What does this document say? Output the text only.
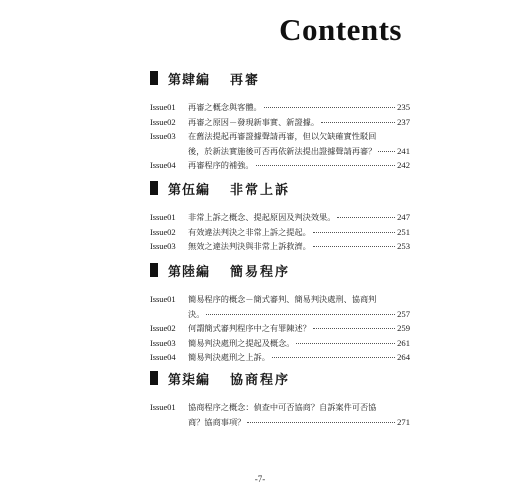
Contents
第肆編 再審
Issue01	再審之概念與客體。	235
Issue02	再審之原因－發現新事實、新證據。	237
Issue03	在舊法提起再審證據聲請再審，但以欠缺確實性駁回
後，於新法實施後可否再依新法提出證據聲請再審？ 241
Issue04	再審程序的補強。	242
第伍編 非常上訴
Issue01	非常上訴之概念、提起原因及判決效果。	247
Issue02	有效違法判決之非常上訴之提起。	251
Issue03	無效之違法判決與非常上訴救濟。	253
第陸編 簡易程序
Issue01	簡易程序的概念－簡式審判、簡易判決處刑、協商判
決。	257
Issue02	何謂簡式審判程序中之有罪陳述？	259
Issue03	簡易判決處刑之提起及概念。	261
Issue04	簡易判決處刑之上訴。	264
第柒編 協商程序
Issue01	協商程序之概念：偵查中可否協商？自訴案件可否協
商？協商事項？	271
-7-
